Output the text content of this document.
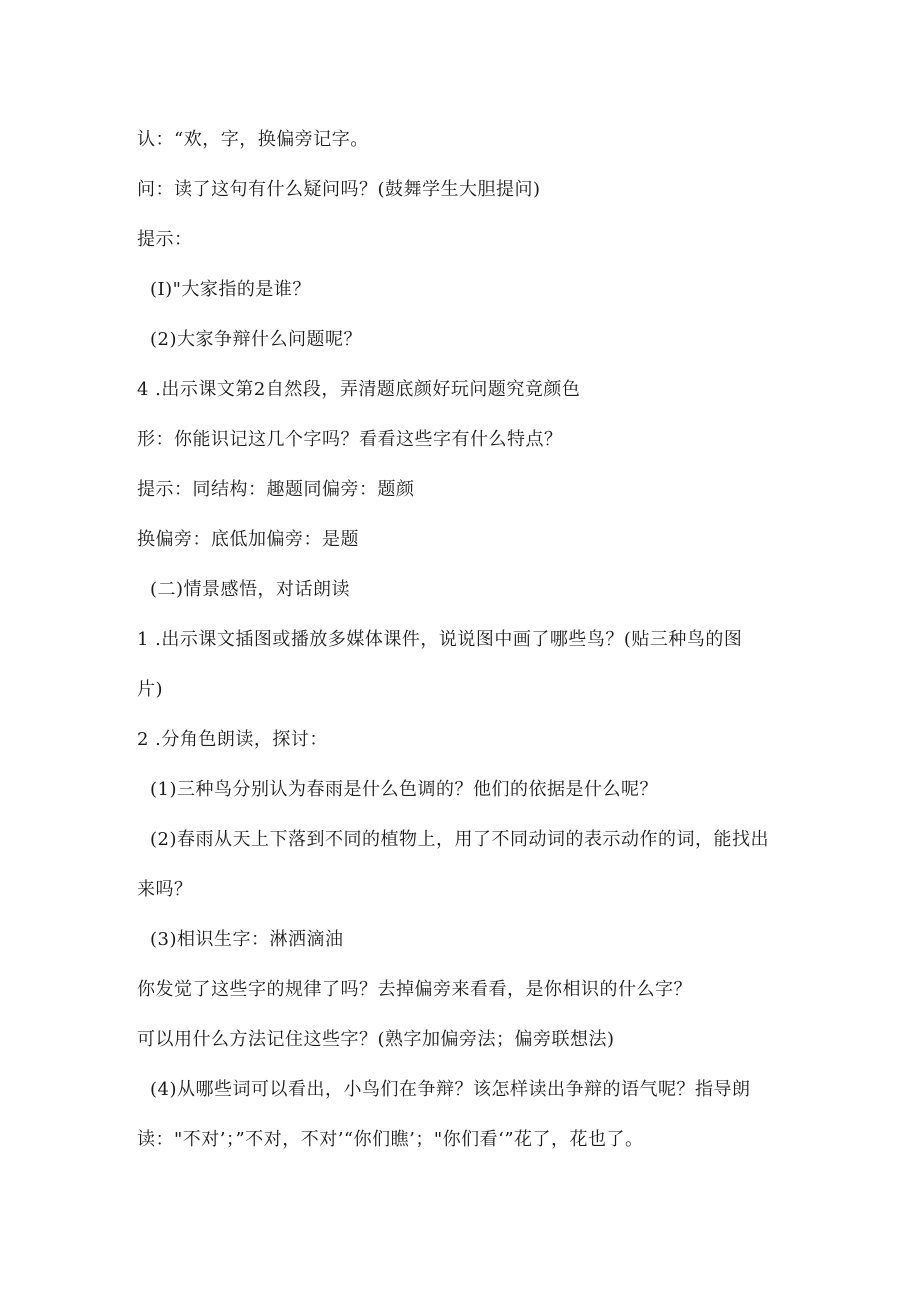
认：“欢，字，换偏旁记字。
问：读了这句有什么疑问吗？(鼓舞学生大胆提问)
提示：
(I)"大家指的是谁？
(2)大家争辩什么问题呢？
4 .出示课文第2自然段，弄清题底颜好玩问题究竟颜色
形：你能识记这几个字吗？看看这些字有什么特点？
提示：同结构：趣题同偏旁：题颜
换偏旁：底低加偏旁：是题
(二)情景感悟，对话朗读
1 .出示课文插图或播放多媒体课件，说说图中画了哪些鸟？(贴三种鸟的图
片)
2 .分角色朗读，探讨：
(1)三种鸟分别认为春雨是什么色调的？他们的依据是什么呢？
(2)春雨从天上下落到不同的植物上，用了不同动词的表示动作的词，能找出
来吗？
(3)相识生字：淋洒滴油
你发觉了这些字的规律了吗？去掉偏旁来看看，是你相识的什么字？
可以用什么方法记住这些字？(熟字加偏旁法；偏旁联想法)
(4)从哪些词可以看出，小鸟们在争辩？该怎样读出争辩的语气呢？指导朗
读："不对’；”不对，不对’“你们瞧’；"你们看‘”花了，花也了。
